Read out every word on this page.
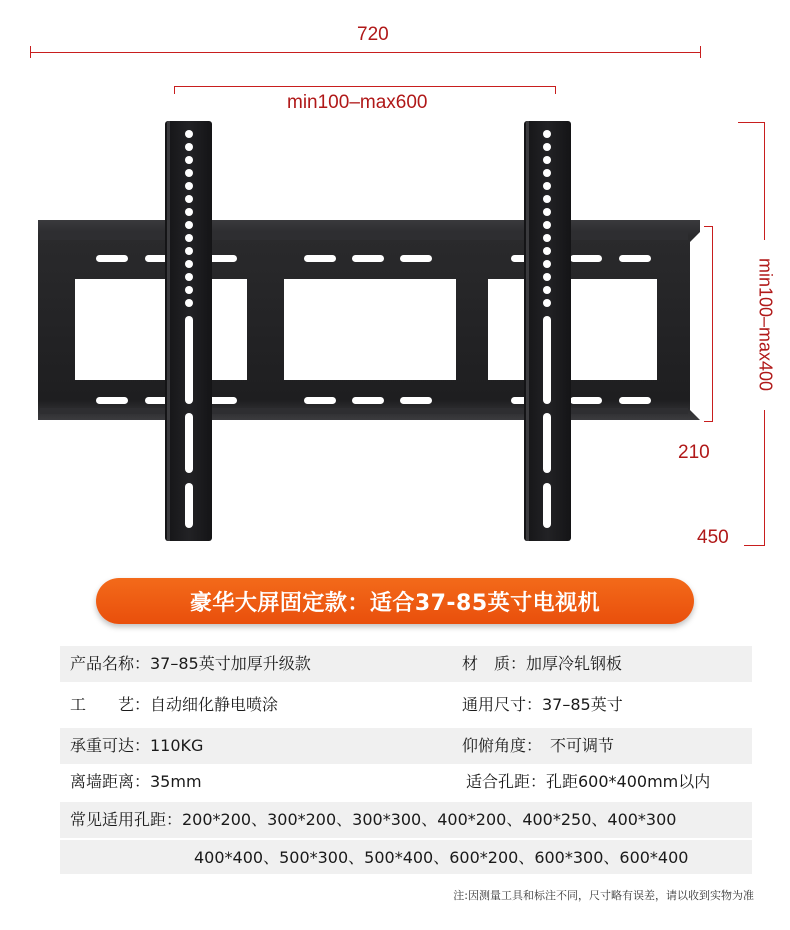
720
min100–max600
min100–max400
210
450
豪华大屏固定款：适合37-85英寸电视机
产品名称：37–85英寸加厚升级款	材　质：加厚冷轧钢板
工　　艺：自动细化静电喷涂	通用尺寸：37–85英寸
承重可达：110KG	仰俯角度：　不可调节
离墙距离：35mm	适合孔距：孔距600*400mm以内
常见适用孔距：200*200、300*200、300*300、400*200、400*250、400*300
400*400、500*300、500*400、600*200、600*300、600*400
注:因测量工具和标注不同，尺寸略有误差，请以收到实物为准
